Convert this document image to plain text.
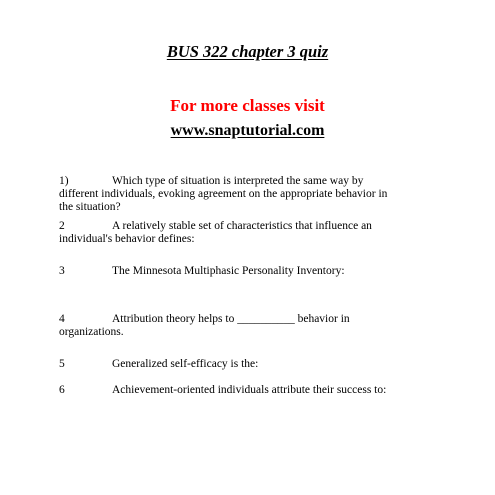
BUS 322 chapter 3 quiz
For more classes visit
www.snaptutorial.com
1)	Which type of situation is interpreted the same way by
different individuals, evoking agreement on the appropriate behavior in
the situation?
2	A relatively stable set of characteristics that influence an
individual's behavior defines:
3	The Minnesota Multiphasic Personality Inventory:
4	Attribution theory helps to __________ behavior in
organizations.
5	Generalized self-efficacy is the:
6	Achievement-oriented individuals attribute their success to:
